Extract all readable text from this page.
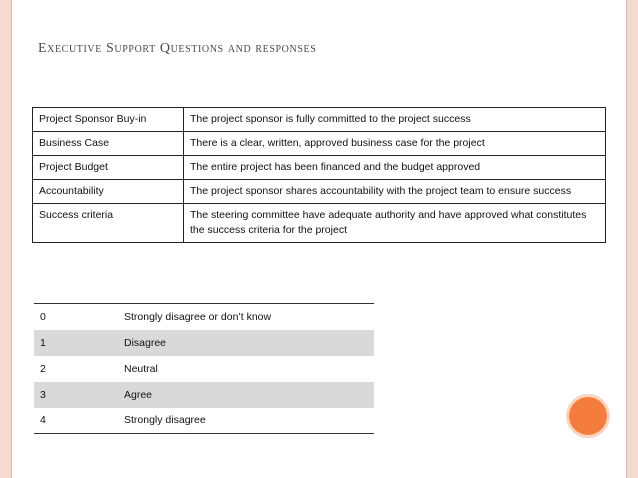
Executive Support Questions and responses
Project Sponsor Buy-in	The project sponsor is fully committed to the project success
Business Case	There is a clear, written, approved business case for the project
Project Budget	The entire project has been financed and the budget approved
Accountability	The project sponsor shares accountability with the project team to ensure success
Success criteria	The steering committee have adequate authority and have approved what constitutes the success criteria for the project
0	Strongly disagree or don’t know
1	Disagree
2	Neutral
3	Agree
4	Strongly disagree
